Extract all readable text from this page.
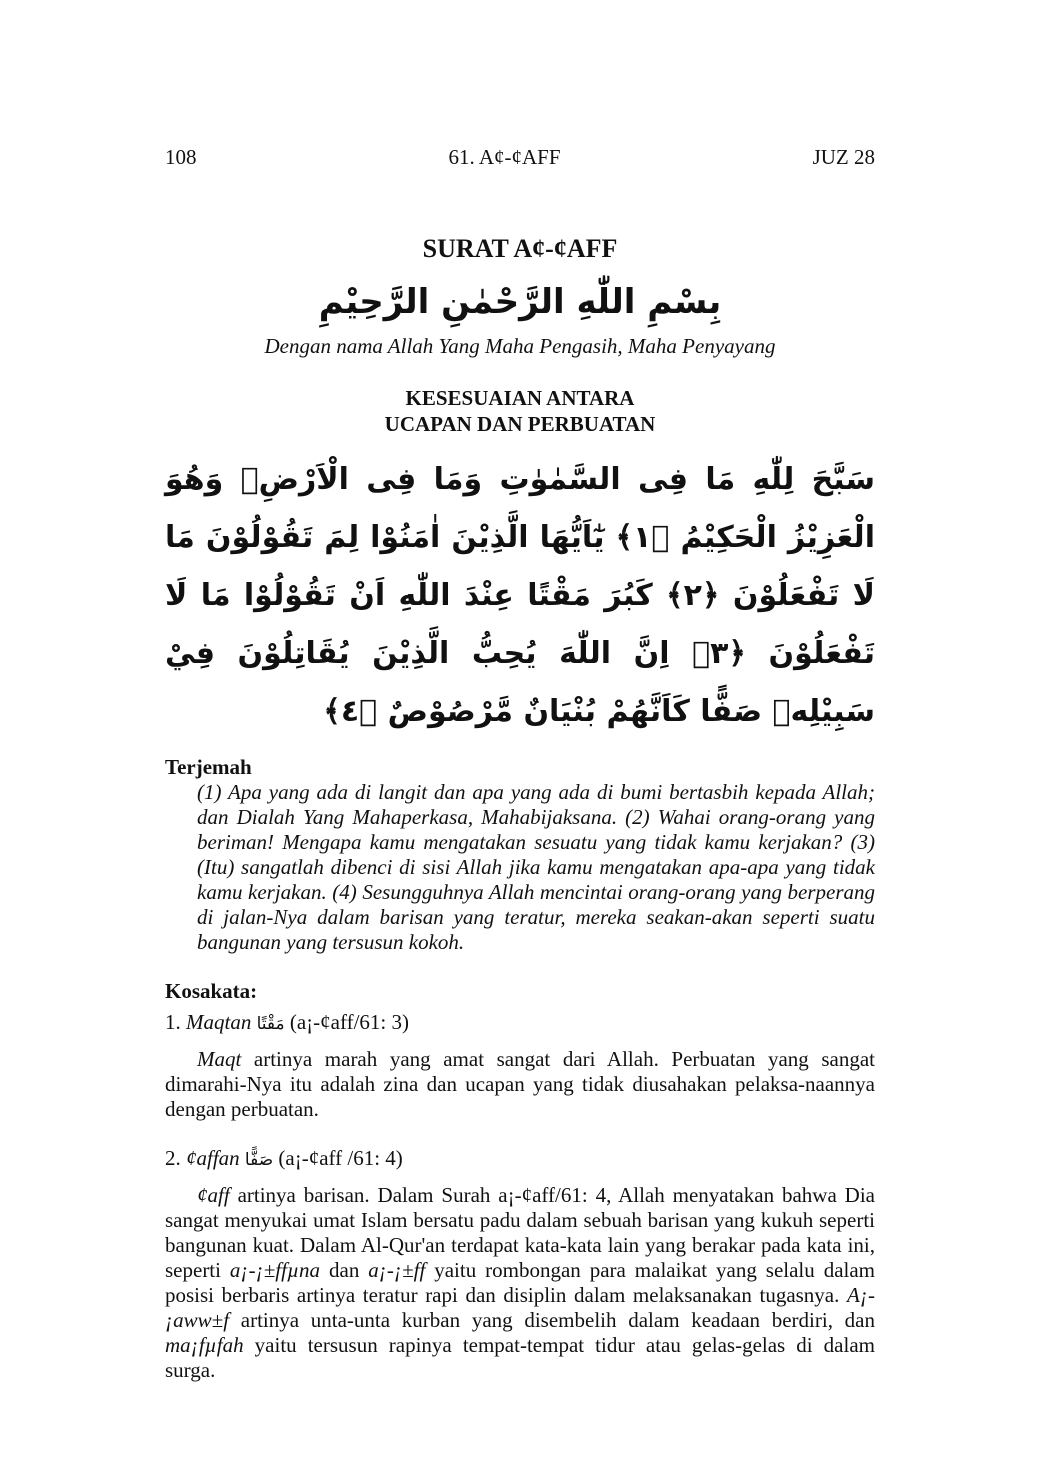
108	61. A¢-¢AFF	JUZ 28
SURAT A¢-¢AFF
بِسْمِ اللّٰهِ الرَّحْمٰنِ الرَّحِيْمِ
Dengan nama Allah Yang Maha Pengasih, Maha Penyayang
KESESUAIAN ANTARA
UCAPAN DAN PERBUATAN
سَبَّحَ لِلّٰهِ مَا فِى السَّمٰوٰتِ وَمَا فِى الْاَرْضِۚ وَهُوَ الْعَزِيْزُ الْحَكِيْمُ ﴿١﴾ يٰٓاَيُّهَا الَّذِيْنَ اٰمَنُوْا لِمَ تَقُوْلُوْنَ مَا لَا تَفْعَلُوْنَ ﴿٢﴾ كَبُرَ مَقْتًا عِنْدَ اللّٰهِ اَنْ تَقُوْلُوْا مَا لَا تَفْعَلُوْنَ ﴿٣﴾ اِنَّ اللّٰهَ يُحِبُّ الَّذِيْنَ يُقَاتِلُوْنَ فِيْ سَبِيْلِهٖ صَفًّا كَاَنَّهُمْ بُنْيَانٌ مَّرْصُوْصٌ ﴿٤﴾
Terjemah

(1) Apa yang ada di langit dan apa yang ada di bumi bertasbih kepada Allah; dan Dialah Yang Mahaperkasa, Mahabijaksana. (2) Wahai orang-orang yang beriman! Mengapa kamu mengatakan sesuatu yang tidak kamu kerjakan? (3) (Itu) sangatlah dibenci di sisi Allah jika kamu mengatakan apa-apa yang tidak kamu kerjakan. (4) Sesungguhnya Allah mencintai orang-orang yang berperang di jalan-Nya dalam barisan yang teratur, mereka seakan-akan seperti suatu bangunan yang tersusun kokoh.

Kosakata:
1. Maqtan مَقْتًا (a¡-¢aff/61: 3)

Maqt artinya marah yang amat sangat dari Allah. Perbuatan yang sangat dimarahi-Nya itu adalah zina dan ucapan yang tidak diusahakan pelaksa-naannya dengan perbuatan.

2. ¢affan صَفًّا (a¡-¢aff /61: 4)

¢aff artinya barisan. Dalam Surah a¡-¢aff/61: 4, Allah menyatakan bahwa Dia sangat menyukai umat Islam bersatu padu dalam sebuah barisan yang kukuh seperti bangunan kuat. Dalam Al-Qur'an terdapat kata-kata lain yang berakar pada kata ini, seperti a¡-¡±ffµna dan a¡-¡±ff yaitu rombongan para malaikat yang selalu dalam posisi berbaris artinya teratur rapi dan disiplin dalam melaksanakan tugasnya. A¡-¡aww±f artinya unta-unta kurban yang disembelih dalam keadaan berdiri, dan ma¡fµfah yaitu tersusun rapinya tempat-tempat tidur atau gelas-gelas di dalam surga.
